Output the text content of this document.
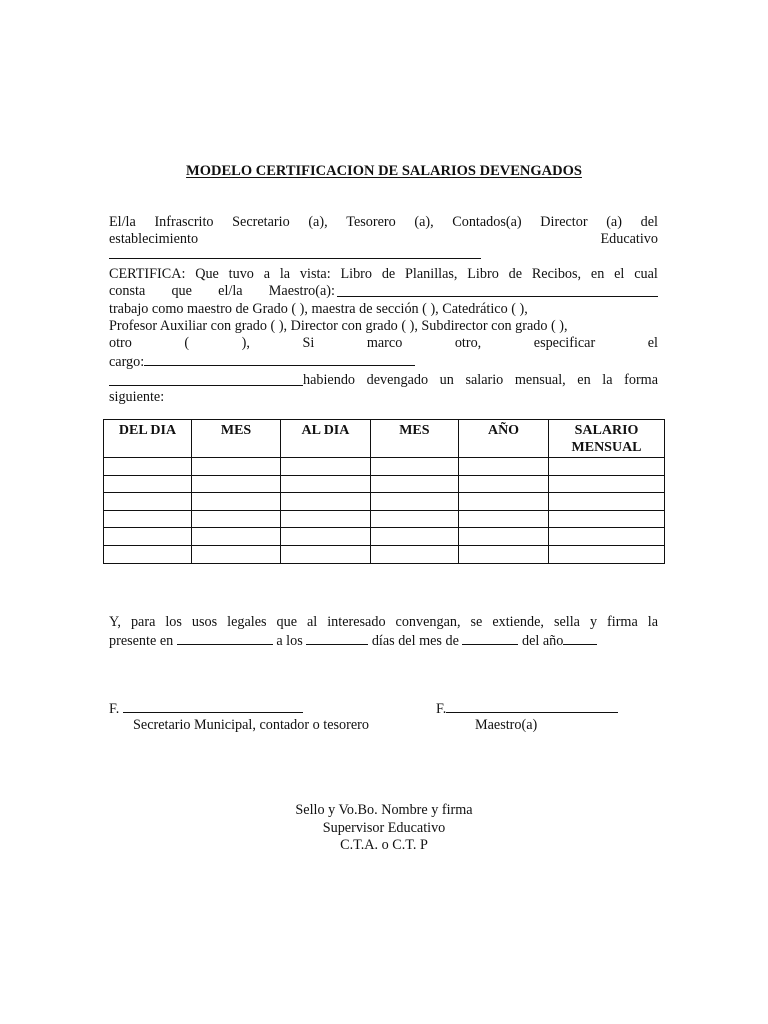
MODELO CERTIFICACION DE SALARIOS DEVENGADOS
El/la Infrascrito Secretario (a), Tesorero (a), Contados(a) Director (a) del
establecimiento	Educativo
CERTIFICA: Que tuvo a la vista: Libro de Planillas, Libro de Recibos, en el cual
consta que el/la Maestro(a):
trabajo como maestro de Grado ( ), maestra de sección ( ), Catedrático ( ),
Profesor Auxiliar con grado ( ), Director con grado ( ), Subdirector con grado ( ),
otro	(	),	Si	marco	otro,	especificar	el
cargo:
habiendo devengado un salario mensual, en la forma
siguiente:
DEL DIA	MES	AL DIA	MES	AÑO	SALARIO MENSUAL

Y, para los usos legales que al interesado convengan, se extiende, sella y firma la
presente en	a los	días del mes de	del año
F.
Secretario Municipal, contador o tesorero
F.
Maestro(a)
Sello y Vo.Bo. Nombre y firma
Supervisor Educativo
C.T.A. o C.T. P
